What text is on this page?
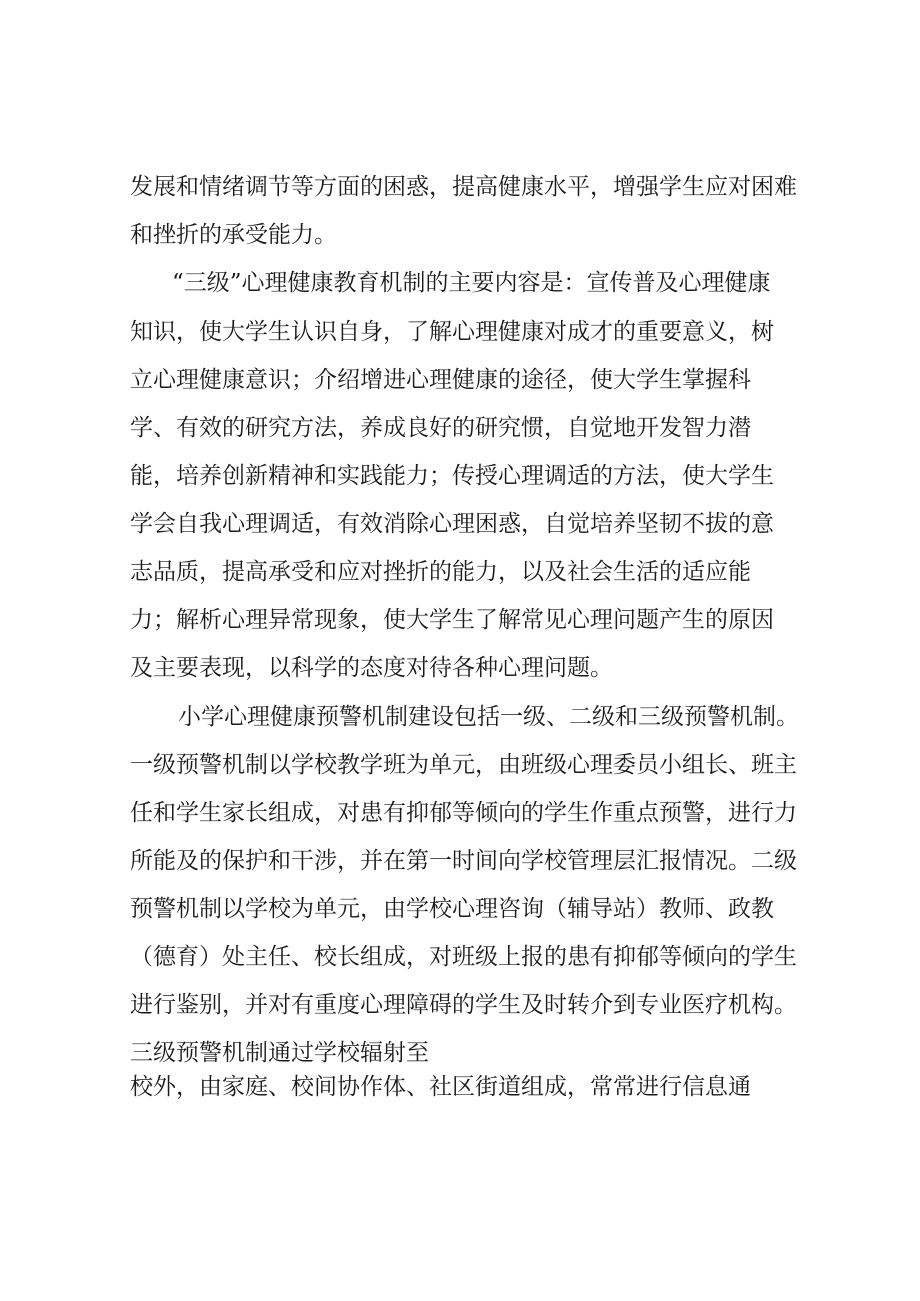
发展和情绪调节等方面的困惑，提高健康水平，增强学生应对困难
和挫折的承受能力。
“三级”心理健康教育机制的主要内容是：宣传普及心理健康
知识，使大学生认识自身，了解心理健康对成才的重要意义，树
立心理健康意识；介绍增进心理健康的途径，使大学生掌握科
学、有效的研究方法，养成良好的研究惯，自觉地开发智力潜
能，培养创新精神和实践能力；传授心理调适的方法，使大学生
学会自我心理调适，有效消除心理困惑，自觉培养坚韧不拔的意
志品质，提高承受和应对挫折的能力，以及社会生活的适应能
力；解析心理异常现象，使大学生了解常见心理问题产生的原因
及主要表现，以科学的态度对待各种心理问题。
小学心理健康预警机制建设包括一级、二级和三级预警机制。
一级预警机制以学校教学班为单元，由班级心理委员小组长、班主
任和学生家长组成，对患有抑郁等倾向的学生作重点预警，进行力
所能及的保护和干涉，并在第一时间向学校管理层汇报情况。二级
预警机制以学校为单元，由学校心理咨询（辅导站）教师、政教
（德育）处主任、校长组成，对班级上报的患有抑郁等倾向的学生
进行鉴别，并对有重度心理障碍的学生及时转介到专业医疗机构。
三级预警机制通过学校辐射至
校外，由家庭、校间协作体、社区街道组成，常常进行信息通
